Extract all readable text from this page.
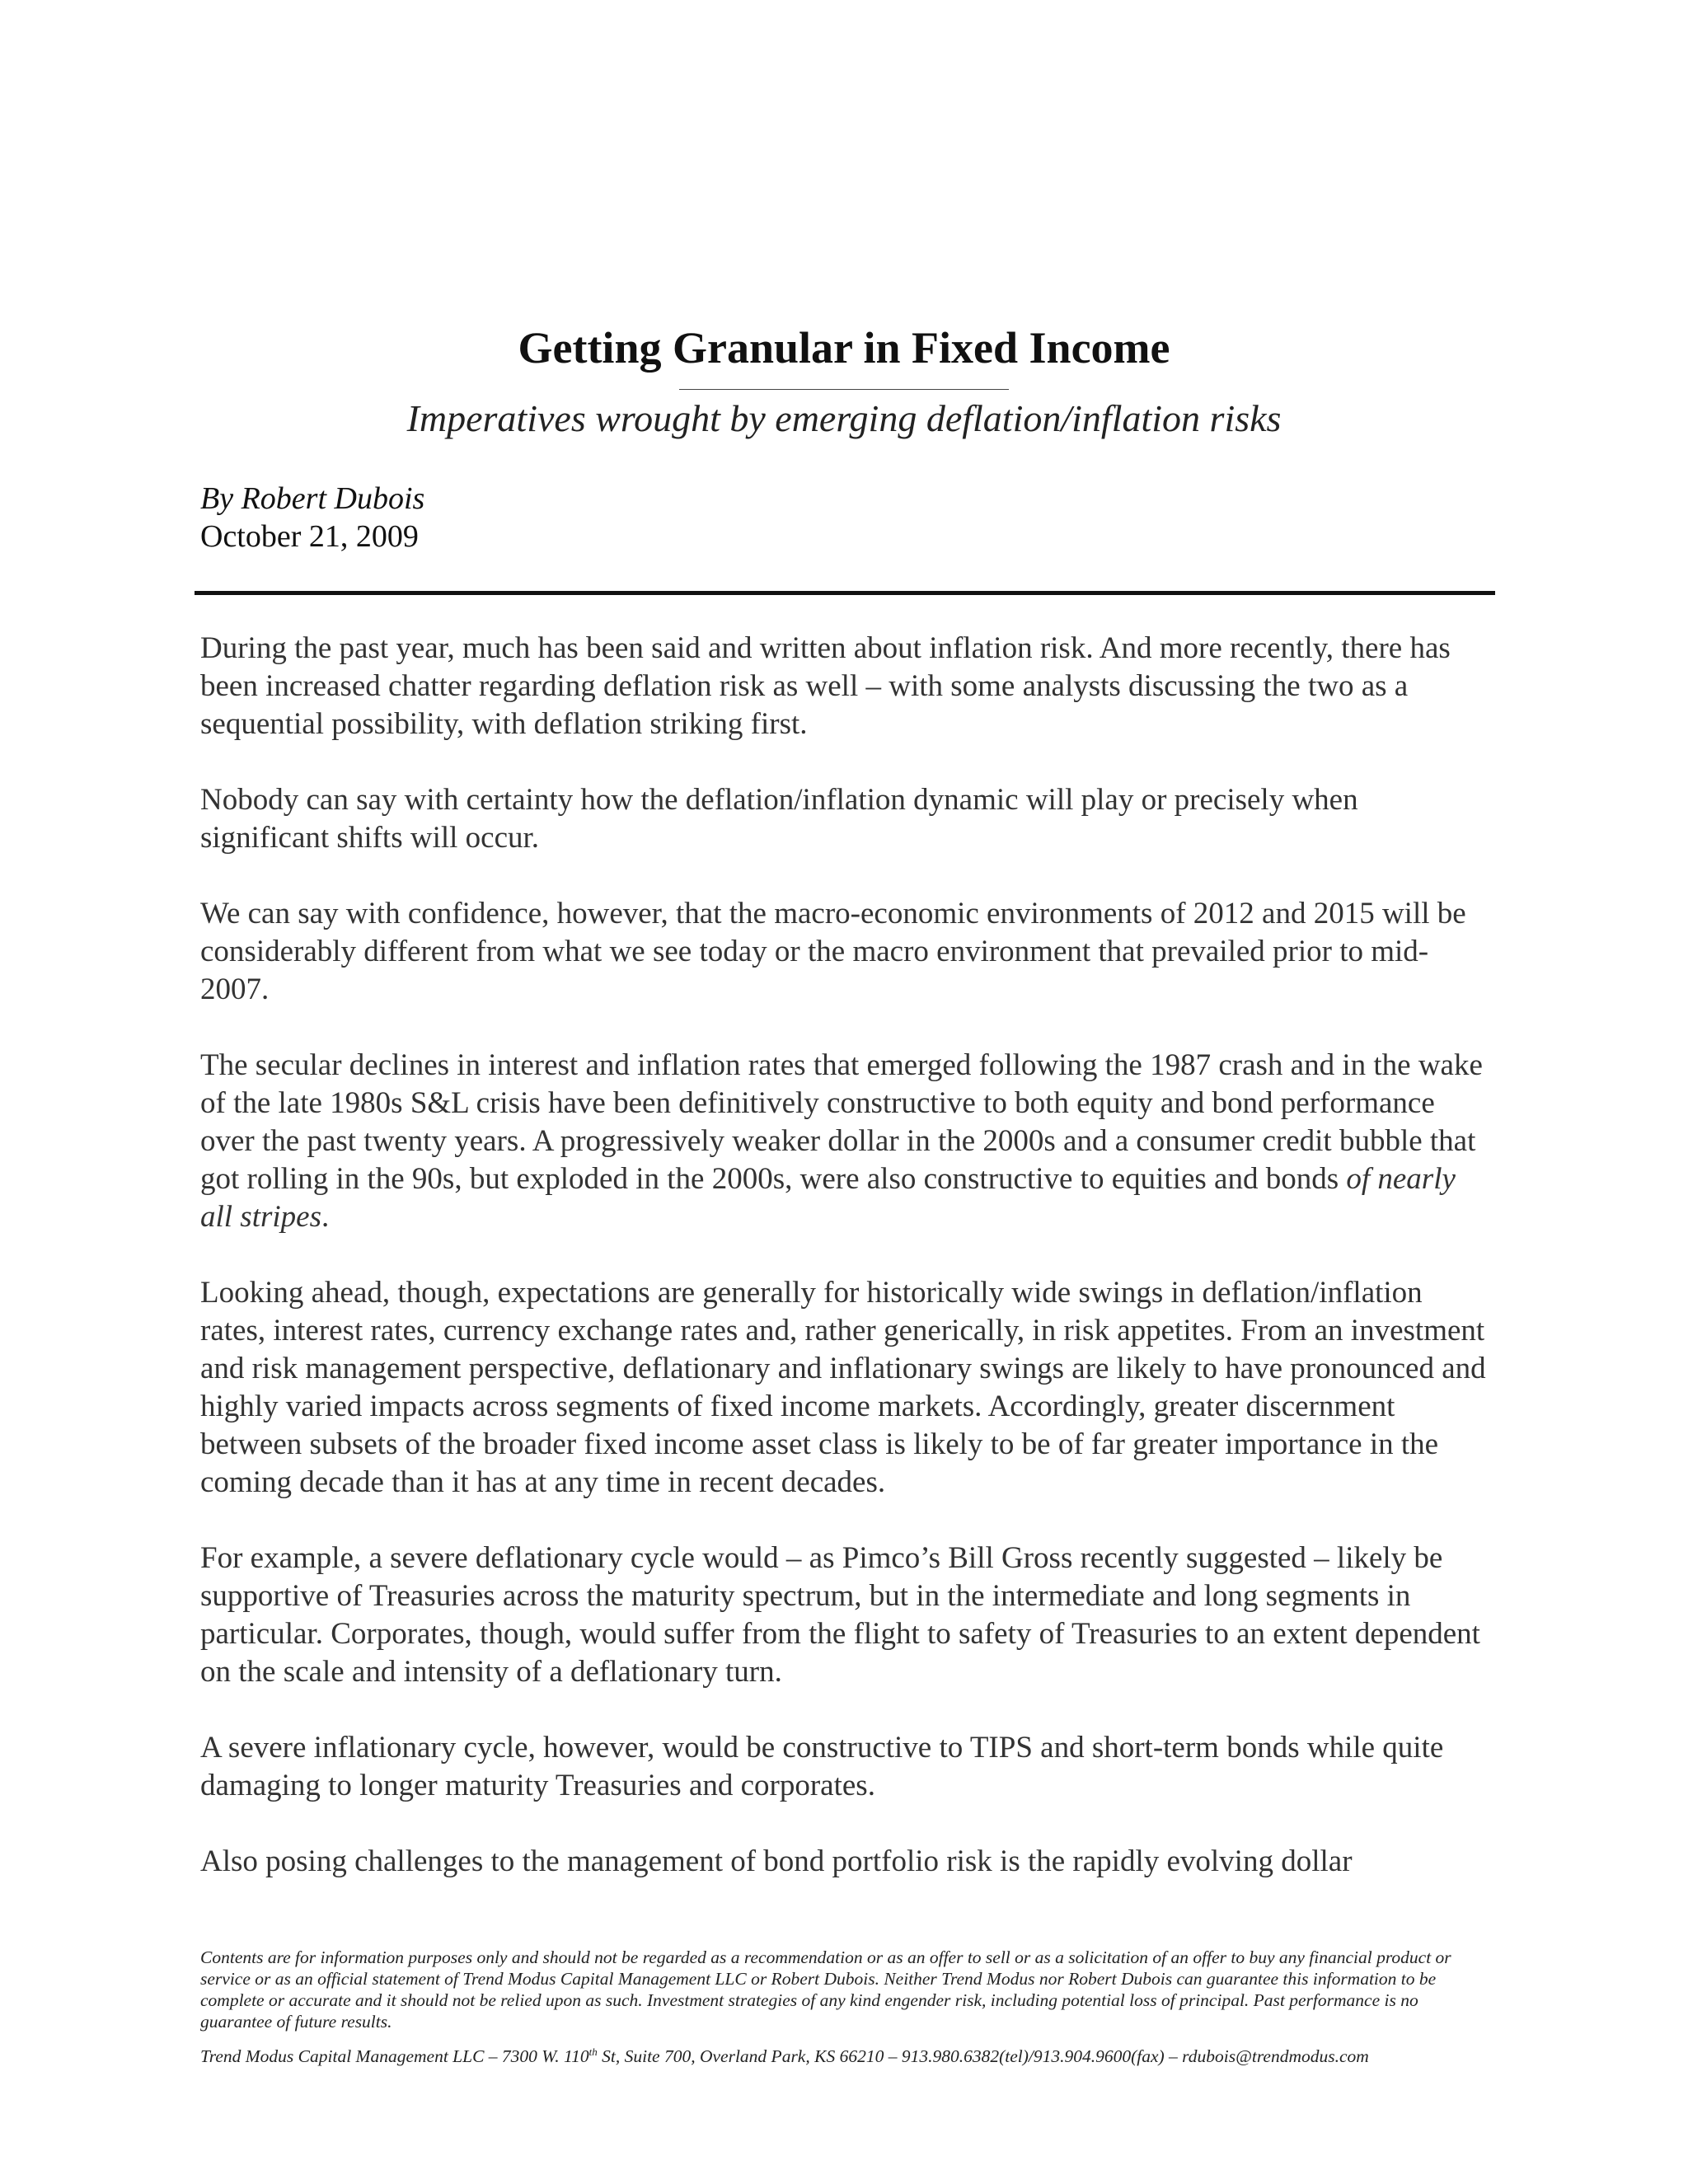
Getting Granular in Fixed Income
Imperatives wrought by emerging deflation/inflation risks
By Robert Dubois
October 21, 2009

During the past year, much has been said and written about inflation risk. And more recently, there has been increased chatter regarding deflation risk as well – with some analysts discussing the two as a sequential possibility, with deflation striking first.

Nobody can say with certainty how the deflation/inflation dynamic will play or precisely when significant shifts will occur.

We can say with confidence, however, that the macro-economic environments of 2012 and 2015 will be considerably different from what we see today or the macro environment that prevailed prior to mid-2007.

The secular declines in interest and inflation rates that emerged following the 1987 crash and in the wake of the late 1980s S&L crisis have been definitively constructive to both equity and bond performance over the past twenty years. A progressively weaker dollar in the 2000s and a consumer credit bubble that got rolling in the 90s, but exploded in the 2000s, were also constructive to equities and bonds of nearly all stripes.

Looking ahead, though, expectations are generally for historically wide swings in deflation/inflation rates, interest rates, currency exchange rates and, rather generically, in risk appetites. From an investment and risk management perspective, deflationary and inflationary swings are likely to have pronounced and highly varied impacts across segments of fixed income markets. Accordingly, greater discernment between subsets of the broader fixed income asset class is likely to be of far greater importance in the coming decade than it has at any time in recent decades.

For example, a severe deflationary cycle would – as Pimco’s Bill Gross recently suggested – likely be supportive of Treasuries across the maturity spectrum, but in the intermediate and long segments in particular. Corporates, though, would suffer from the flight to safety of Treasuries to an extent dependent on the scale and intensity of a deflationary turn.

A severe inflationary cycle, however, would be constructive to TIPS and short-term bonds while quite damaging to longer maturity Treasuries and corporates.

Also posing challenges to the management of bond portfolio risk is the rapidly evolving dollar

Contents are for information purposes only and should not be regarded as a recommendation or as an offer to sell or as a solicitation of an offer to buy any financial product or service or as an official statement of Trend Modus Capital Management LLC or Robert Dubois. Neither Trend Modus nor Robert Dubois can guarantee this information to be complete or accurate and it should not be relied upon as such. Investment strategies of any kind engender risk, including potential loss of principal. Past performance is no guarantee of future results.
Trend Modus Capital Management LLC – 7300 W. 110th St, Suite 700, Overland Park, KS 66210 – 913.980.6382(tel)/913.904.9600(fax) – rdubois@trendmodus.com
